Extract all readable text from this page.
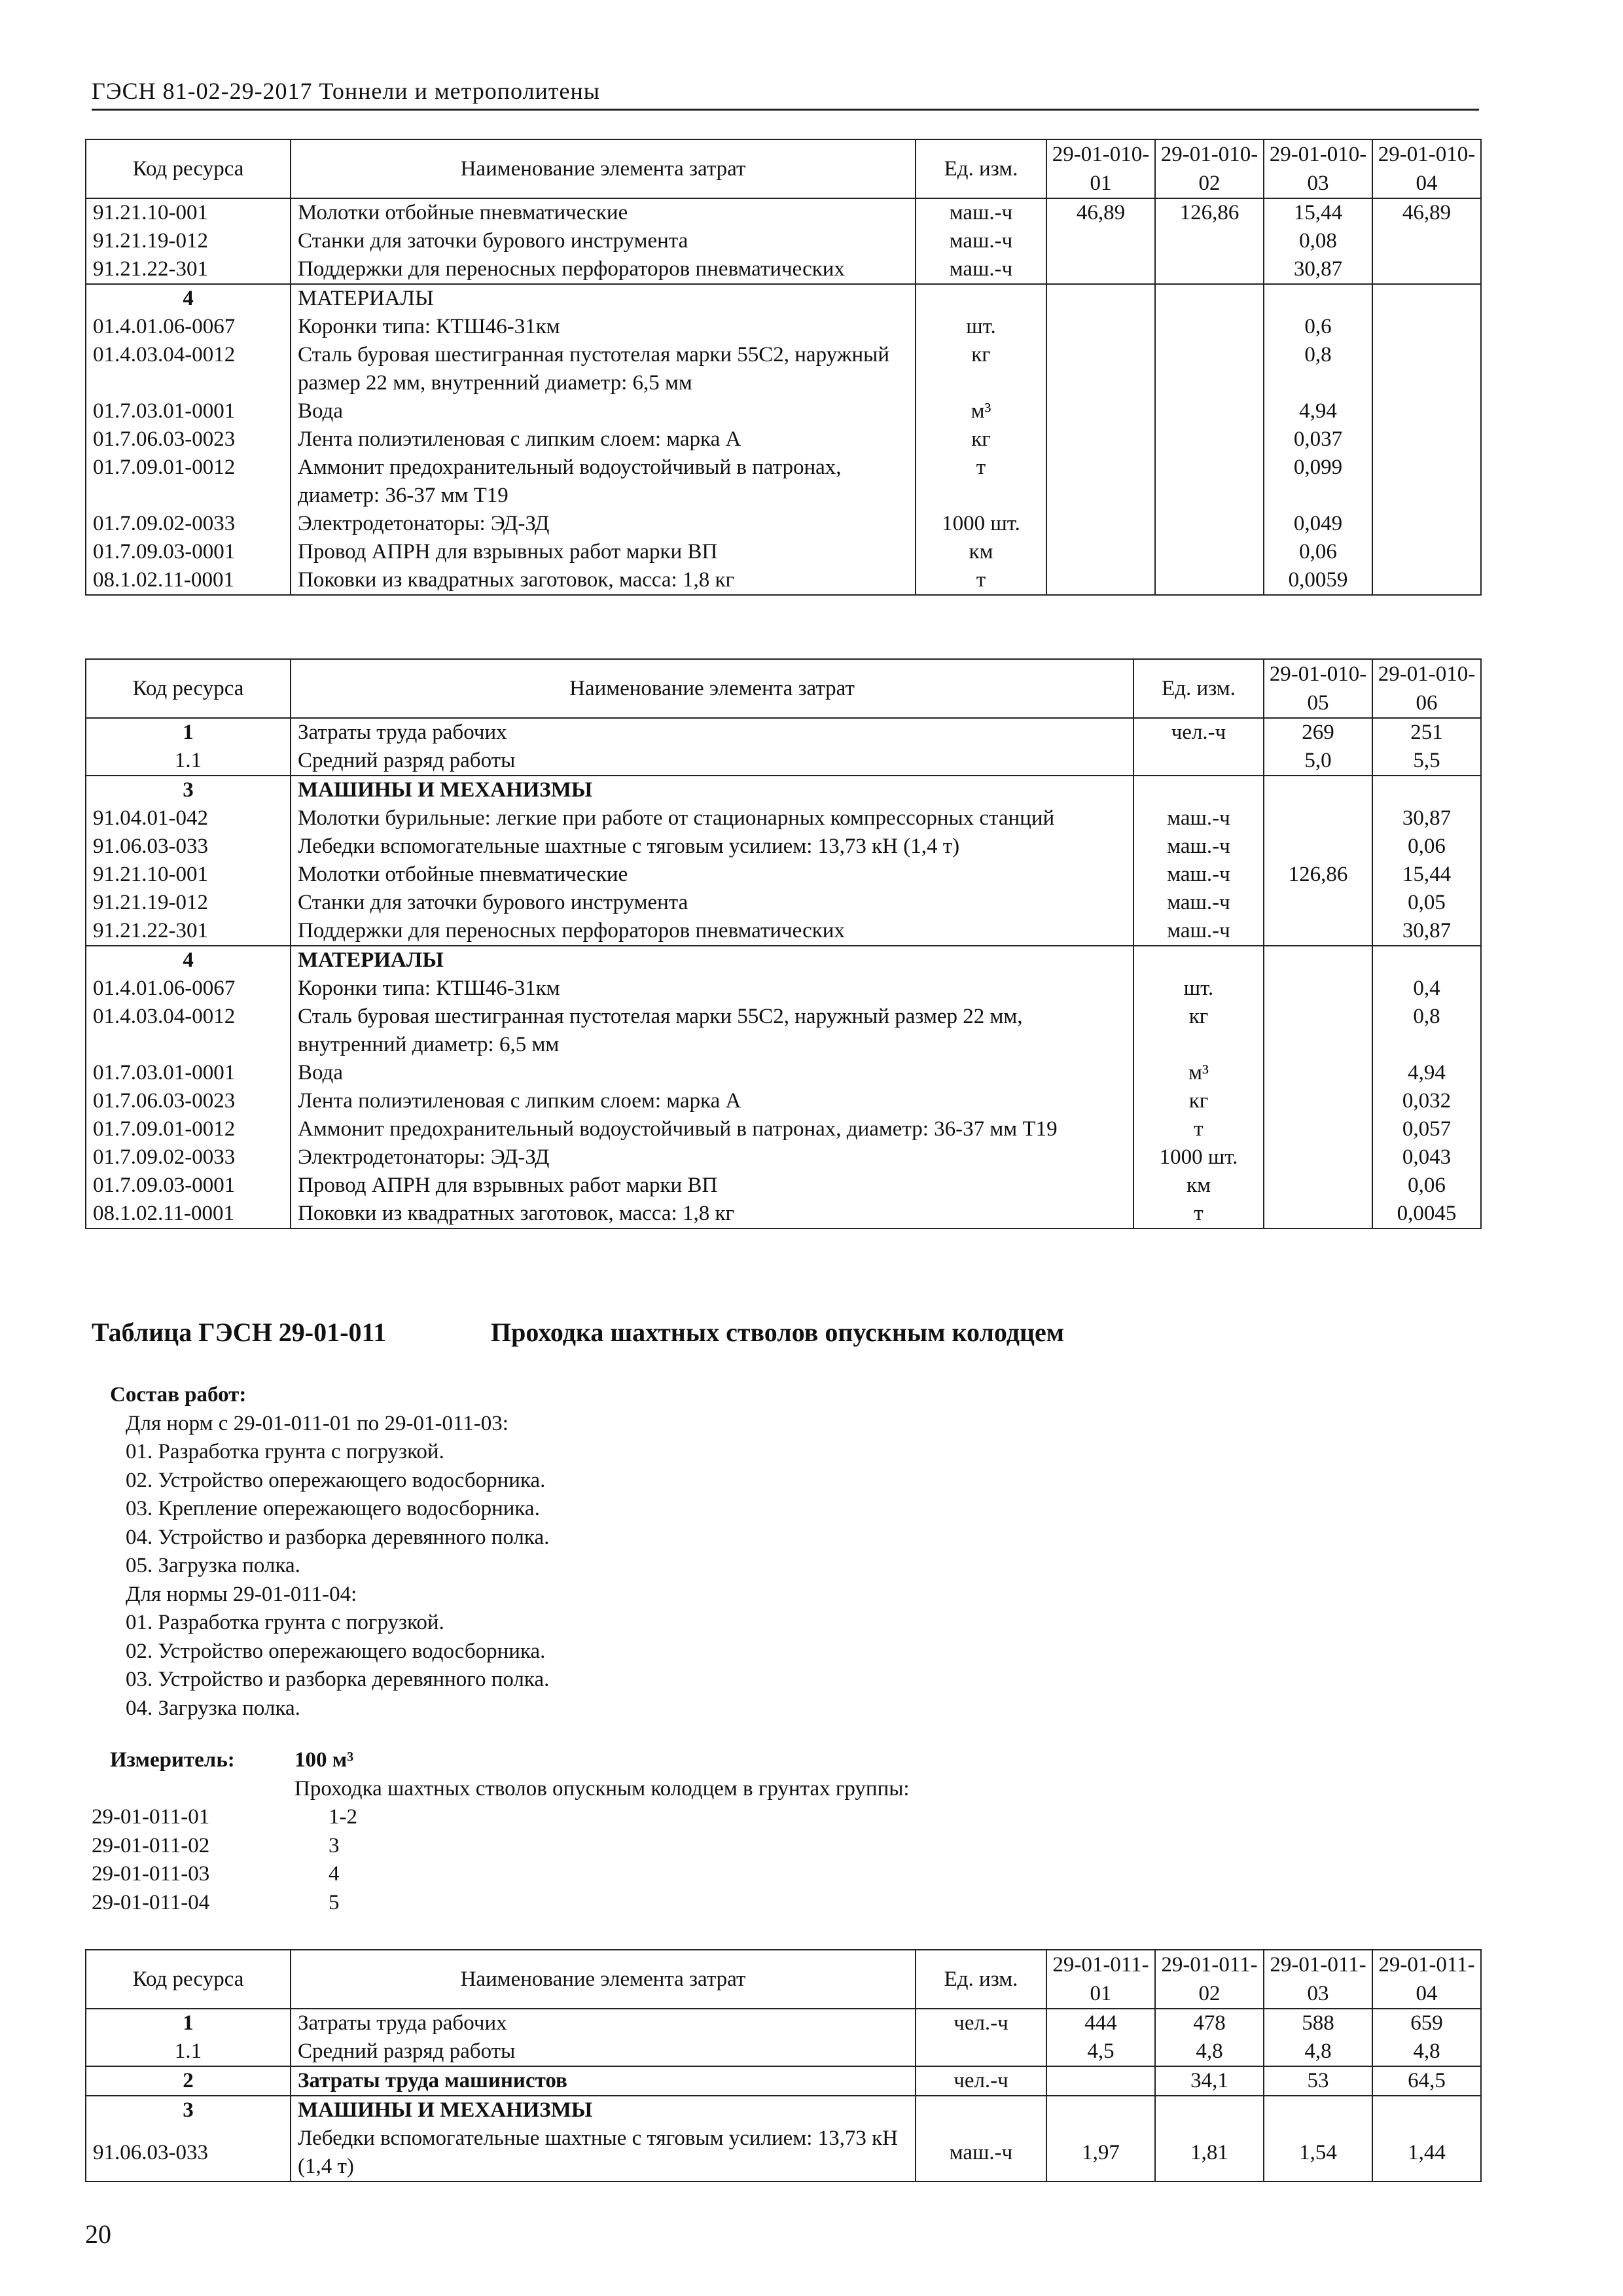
ГЭСН 81-02-29-2017 Тоннели и метрополитены
Код ресурса	Наименование элемента затрат	Ед. изм.	29-01-010-01	29-01-010-02	29-01-010-03	29-01-010-04
91.21.10-001	Молотки отбойные пневматические	маш.-ч	46,89	126,86	15,44	46,89
91.21.19-012	Станки для заточки бурового инструмента	маш.-ч			0,08	
91.21.22-301	Поддержки для переносных перфораторов пневматических	маш.-ч			30,87	
4	МАТЕРИАЛЫ					
01.4.01.06-0067	Коронки типа: КТШ46-31км	шт.			0,6	
01.4.03.04-0012	Сталь буровая шестигранная пустотелая марки 55С2, наружный размер 22 мм, внутренний диаметр: 6,5 мм	кг			0,8	
01.7.03.01-0001	Вода	м³			4,94	
01.7.06.03-0023	Лента полиэтиленовая с липким слоем: марка А	кг			0,037	
01.7.09.01-0012	Аммонит предохранительный водоустойчивый в патронах, диаметр: 36-37 мм Т19	т			0,099	
01.7.09.02-0033	Электродетонаторы: ЭД-ЗД	1000 шт.			0,049	
01.7.09.03-0001	Провод АПРН для взрывных работ марки ВП	км			0,06	
08.1.02.11-0001	Поковки из квадратных заготовок, масса: 1,8 кг	т			0,0059	
Код ресурса	Наименование элемента затрат	Ед. изм.	29-01-010-05	29-01-010-06
1	Затраты труда рабочих	чел.-ч	269	251
1.1	Средний разряд работы		5,0	5,5
3	МАШИНЫ И МЕХАНИЗМЫ			
91.04.01-042	Молотки бурильные: легкие при работе от стационарных компрессорных станций	маш.-ч		30,87
91.06.03-033	Лебедки вспомогательные шахтные с тяговым усилием: 13,73 кН (1,4 т)	маш.-ч		0,06
91.21.10-001	Молотки отбойные пневматические	маш.-ч	126,86	15,44
91.21.19-012	Станки для заточки бурового инструмента	маш.-ч		0,05
91.21.22-301	Поддержки для переносных перфораторов пневматических	маш.-ч		30,87
4	МАТЕРИАЛЫ			
01.4.01.06-0067	Коронки типа: КТШ46-31км	шт.		0,4
01.4.03.04-0012	Сталь буровая шестигранная пустотелая марки 55С2, наружный размер 22 мм, внутренний диаметр: 6,5 мм	кг		0,8
01.7.03.01-0001	Вода	м³		4,94
01.7.06.03-0023	Лента полиэтиленовая с липким слоем: марка А	кг		0,032
01.7.09.01-0012	Аммонит предохранительный водоустойчивый в патронах, диаметр: 36-37 мм Т19	т		0,057
01.7.09.02-0033	Электродетонаторы: ЭД-ЗД	1000 шт.		0,043
01.7.09.03-0001	Провод АПРН для взрывных работ марки ВП	км		0,06
08.1.02.11-0001	Поковки из квадратных заготовок, масса: 1,8 кг	т		0,0045
Таблица ГЭСН 29-01-011	Проходка шахтных стволов опускным колодцем
Состав работ:
Для норм с 29-01-011-01 по 29-01-011-03:
01. Разработка грунта с погрузкой.
02. Устройство опережающего водосборника.
03. Крепление опережающего водосборника.
04. Устройство и разборка деревянного полка.
05. Загрузка полка.
Для нормы 29-01-011-04:
01. Разработка грунта с погрузкой.
02. Устройство опережающего водосборника.
03. Устройство и разборка деревянного полка.
04. Загрузка полка.
Измеритель:	100 м³
Проходка шахтных стволов опускным колодцем в грунтах группы:
29-01-011-01	1-2
29-01-011-02	3
29-01-011-03	4
29-01-011-04	5
Код ресурса	Наименование элемента затрат	Ед. изм.	29-01-011-01	29-01-011-02	29-01-011-03	29-01-011-04
1	Затраты труда рабочих	чел.-ч	444	478	588	659
1.1	Средний разряд работы		4,5	4,8	4,8	4,8
2	Затраты труда машинистов	чел.-ч		34,1	53	64,5
3	МАШИНЫ И МЕХАНИЗМЫ					
91.06.03-033	Лебедки вспомогательные шахтные с тяговым усилием: 13,73 кН (1,4 т)	маш.-ч	1,97	1,81	1,54	1,44
20
